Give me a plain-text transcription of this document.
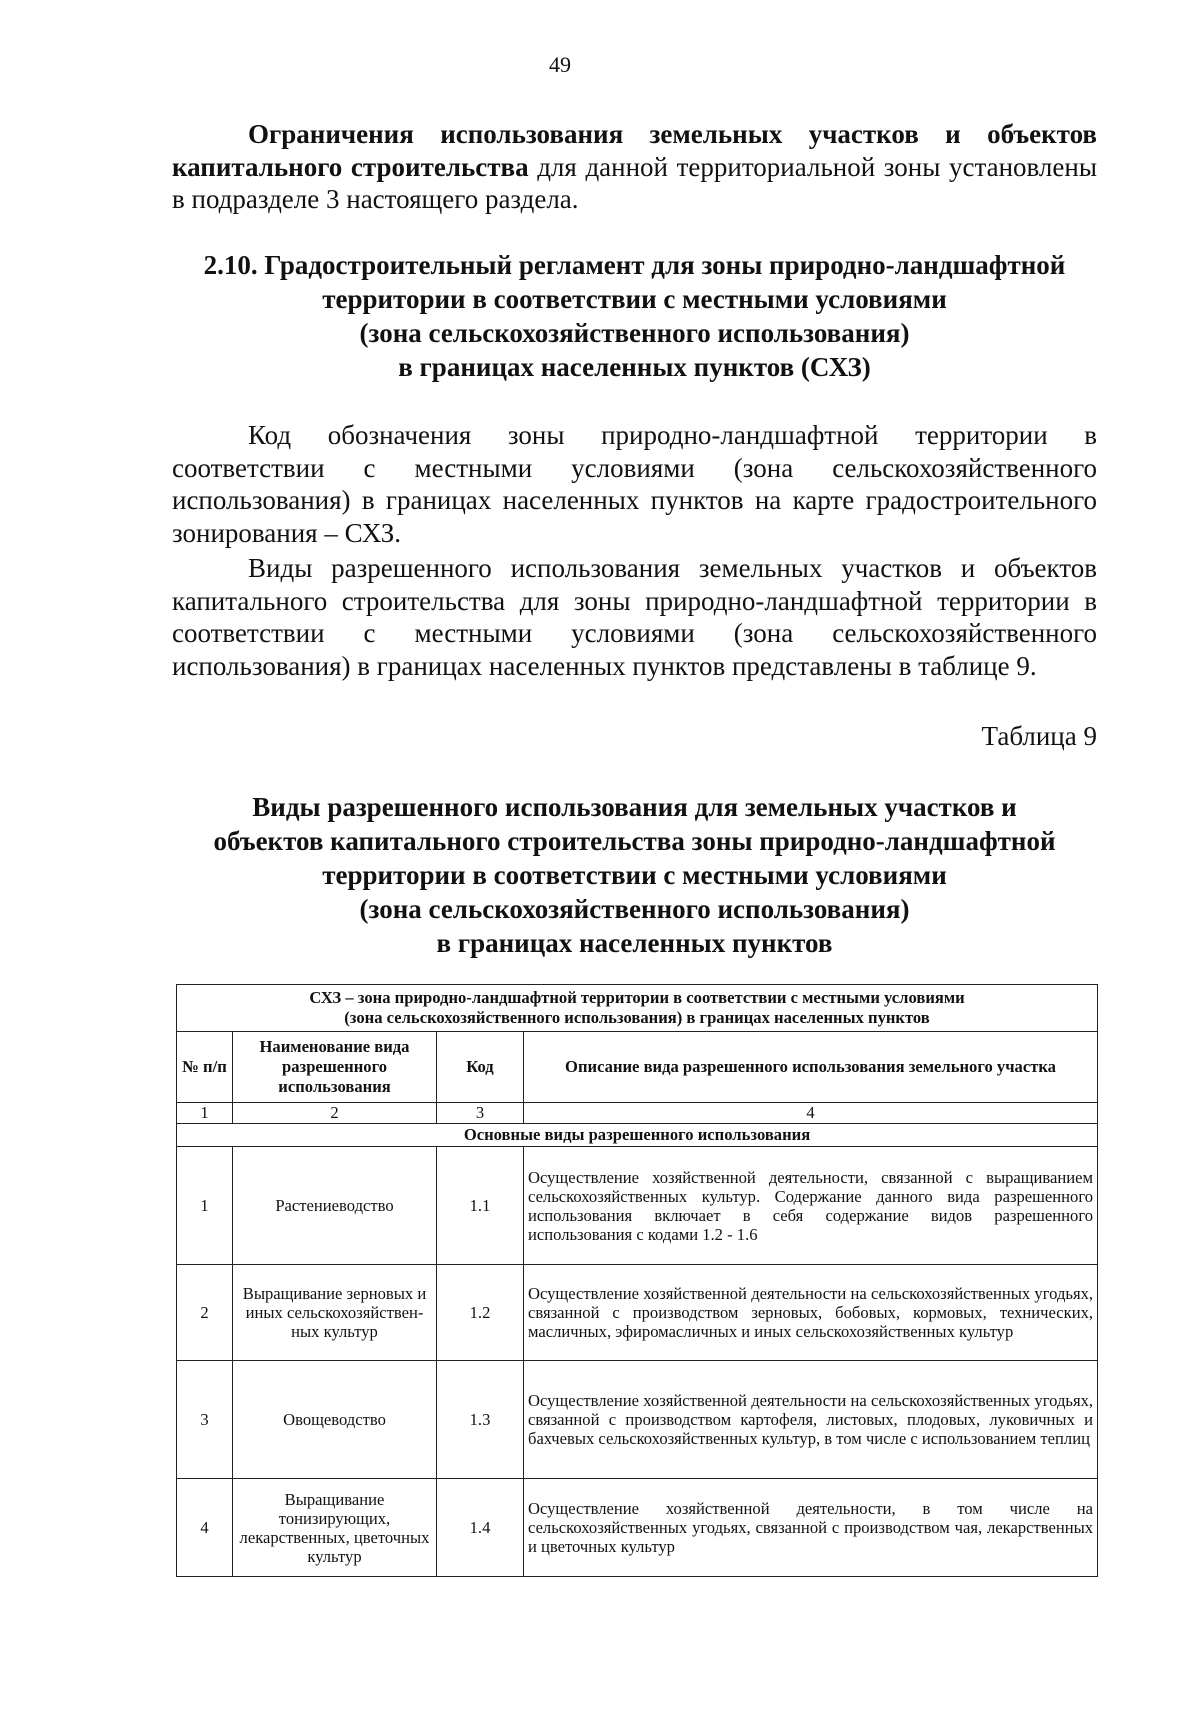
49
Ограничения использования земельных участков и объектов капитального строительства для данной территориальной зоны установлены в подразделе 3 настоящего раздела.
2.10. Градостроительный регламент для зоны природно-ландшафтной
территории в соответствии с местными условиями
(зона сельскохозяйственного использования)
в границах населенных пунктов (СХЗ)
Код обозначения зоны природно-ландшафтной территории в соответствии с местными условиями (зона сельскохозяйственного использования) в границах населенных пунктов на карте градостроительного зонирования – СХЗ.
Виды разрешенного использования земельных участков и объектов капитального строительства для зоны природно-ландшафтной территории в соответствии с местными условиями (зона сельскохозяйственного использования) в границах населенных пунктов представлены в таблице 9.
Таблица 9
Виды разрешенного использования для земельных участков и
объектов капитального строительства зоны природно-ландшафтной
территории в соответствии с местными условиями
(зона сельскохозяйственного использования)
в границах населенных пунктов
СХЗ – зона природно-ландшафтной территории в соответствии с местными условиями
(зона сельскохозяйственного использования) в границах населенных пунктов			

№ п/п	Наименование вида разрешенного использования	Код	Описание вида разрешенного использования земельного участка
1	2	3	4
Основные виды разрешенного использования			
1	Растениеводство	1.1	Осуществление хозяйственной деятельности, связанной с выращиванием сельскохозяйственных культур. Содержание данного вида разрешенного использования включает в себя содержание видов разрешенного использования с кодами 1.2 - 1.6
2	Выращивание зерновых и иных сельскохозяйствен-ных культур	1.2	Осуществление хозяйственной деятельности на сельскохозяйственных угодьях, связанной с производством зерновых, бобовых, кормовых, технических, масличных, эфиромасличных и иных сельскохозяйственных культур
3	Овощеводство	1.3	Осуществление хозяйственной деятельности на сельскохозяйственных угодьях, связанной с производством картофеля, листовых, плодовых, луковичных и бахчевых сельскохозяйственных культур, в том числе с использованием теплиц
4	Выращивание тонизирующих, лекарственных, цветочных культур	1.4	Осуществление хозяйственной деятельности, в том числе на сельскохозяйственных угодьях, связанной с производством чая, лекарственных и цветочных культур
